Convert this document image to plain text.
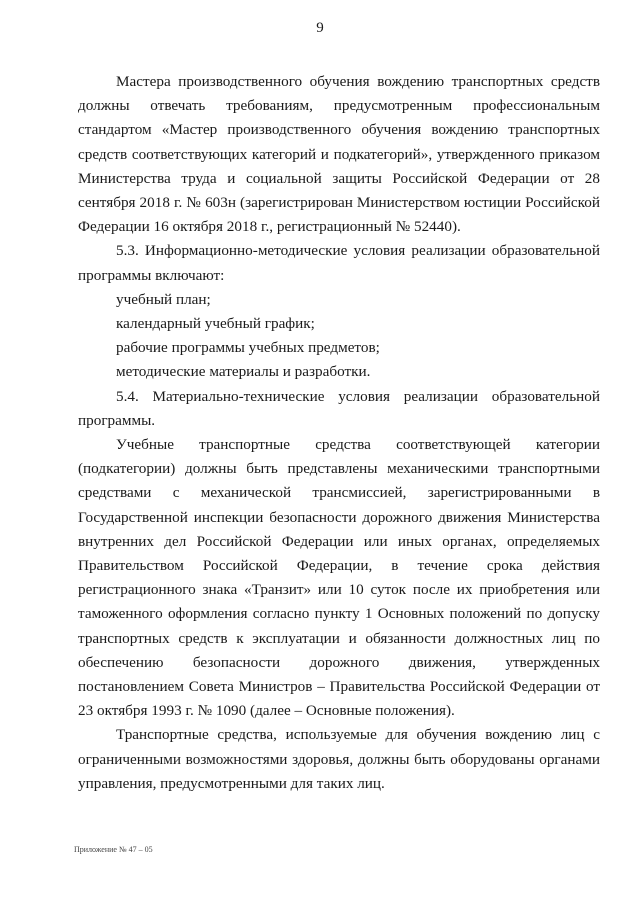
9

Мастера производственного обучения вождению транспортных средств должны отвечать требованиям, предусмотренным профессиональным стандартом «Мастер производственного обучения вождению транспортных средств соответствующих категорий и подкатегорий», утвержденного приказом Министерства труда и социальной защиты Российской Федерации от 28 сентября 2018 г. № 603н (зарегистрирован Министерством юстиции Российской Федерации 16 октября 2018 г., регистрационный № 52440).

5.3. Информационно-методические условия реализации образовательной программы включают:

учебный план;

календарный учебный график;

рабочие программы учебных предметов;

методические материалы и разработки.

5.4. Материально-технические условия реализации образовательной программы.

Учебные транспортные средства соответствующей категории (подкатегории) должны быть представлены механическими транспортными средствами с механической трансмиссией, зарегистрированными в Государственной инспекции безопасности дорожного движения Министерства внутренних дел Российской Федерации или иных органах, определяемых Правительством Российской Федерации, в течение срока действия регистрационного знака «Транзит» или 10 суток после их приобретения или таможенного оформления согласно пункту 1 Основных положений по допуску транспортных средств к эксплуатации и обязанности должностных лиц по обеспечению безопасности дорожного движения, утвержденных постановлением Совета Министров – Правительства Российской Федерации от 23 октября 1993 г. № 1090 (далее – Основные положения).

Транспортные средства, используемые для обучения вождению лиц с ограниченными возможностями здоровья, должны быть оборудованы органами управления, предусмотренными для таких лиц.

Приложение № 47 – 05
